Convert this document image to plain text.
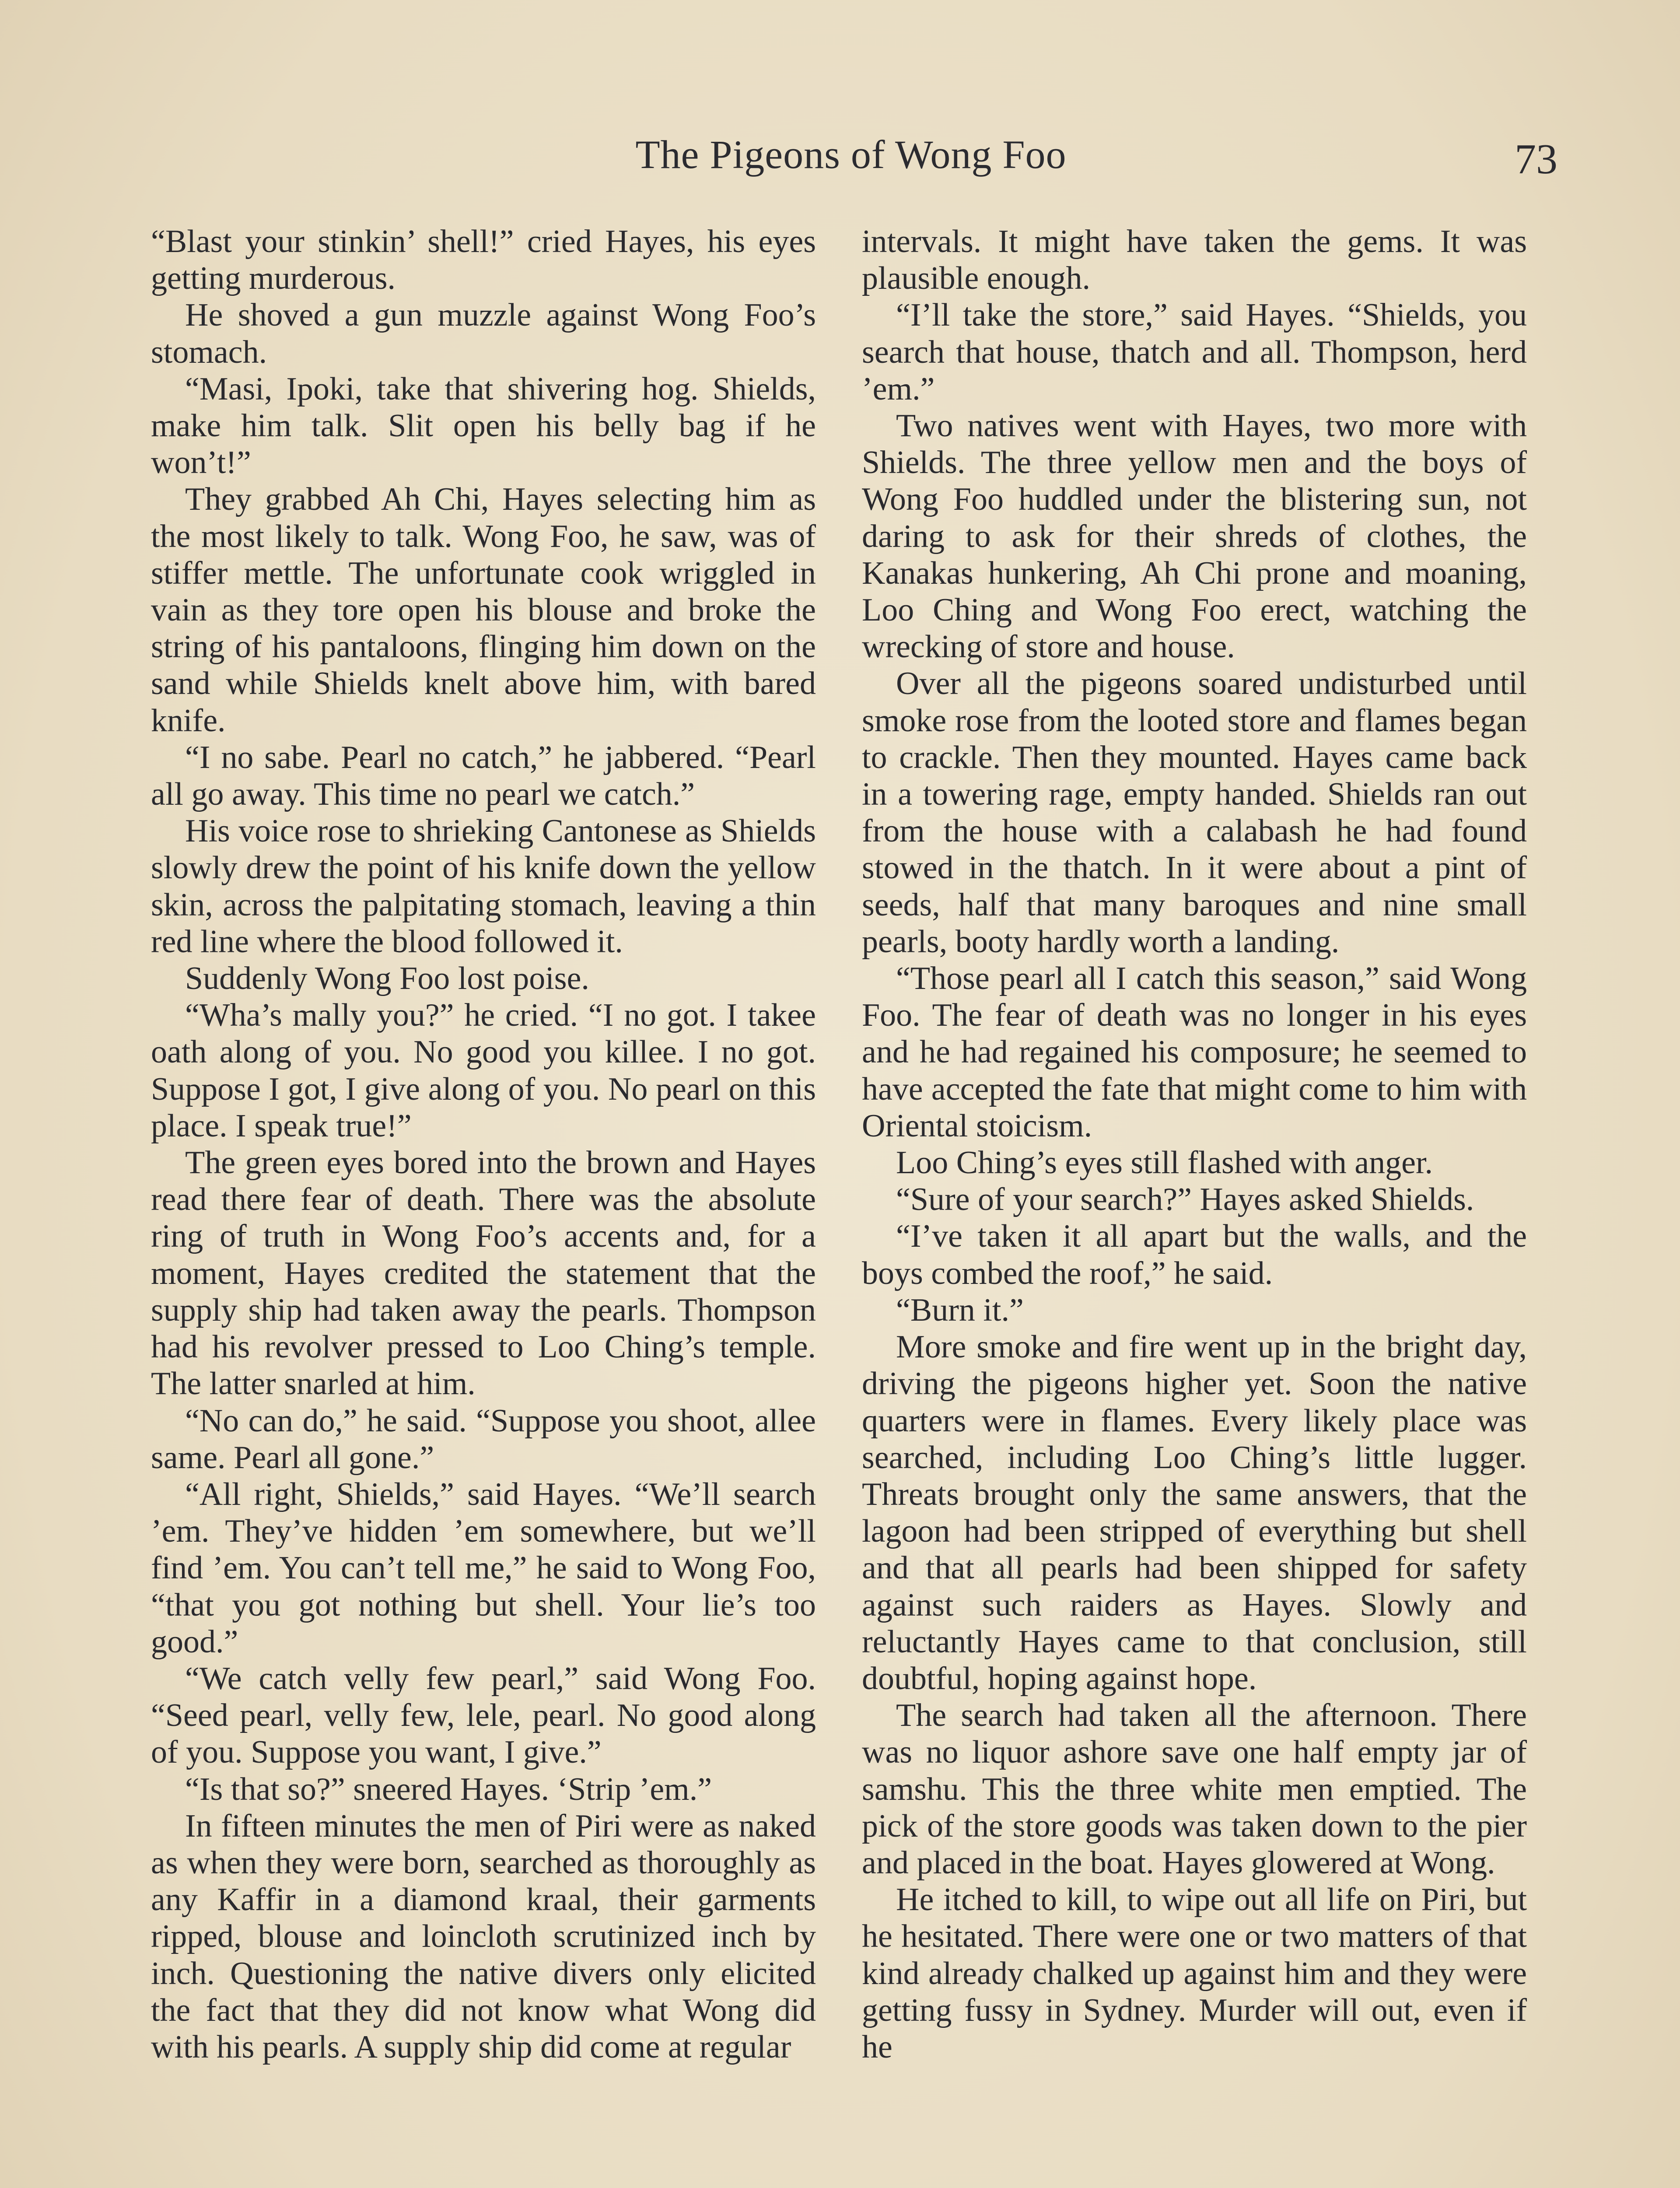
The Pigeons of Wong Foo	73

“Blast your stinkin’ shell!” cried Hayes, his eyes getting murderous.

He shoved a gun muzzle against Wong Foo’s stomach.

“Masi, Ipoki, take that shivering hog. Shields, make him talk. Slit open his belly bag if he won’t!”

They grabbed Ah Chi, Hayes selecting him as the most likely to talk. Wong Foo, he saw, was of stiffer mettle. The unfortunate cook wriggled in vain as they tore open his blouse and broke the string of his pantaloons, flinging him down on the sand while Shields knelt above him, with bared knife.

“I no sabe. Pearl no catch,” he jabbered. “Pearl all go away. This time no pearl we catch.”

His voice rose to shrieking Cantonese as Shields slowly drew the point of his knife down the yellow skin, across the palpitating stomach, leaving a thin red line where the blood followed it.

Suddenly Wong Foo lost poise.

“Wha’s mally you?” he cried. “I no got. I takee oath along of you. No good you killee. I no got. Suppose I got, I give along of you. No pearl on this place. I speak true!”

The green eyes bored into the brown and Hayes read there fear of death. There was the absolute ring of truth in Wong Foo’s accents and, for a moment, Hayes credited the statement that the supply ship had taken away the pearls. Thompson had his revolver pressed to Loo Ching’s temple. The latter snarled at him.

“No can do,” he said. “Suppose you shoot, allee same. Pearl all gone.”

“All right, Shields,” said Hayes. “We’ll search ’em. They’ve hidden ’em somewhere, but we’ll find ’em. You can’t tell me,” he said to Wong Foo, “that you got nothing but shell. Your lie’s too good.”

“We catch velly few pearl,” said Wong Foo. “Seed pearl, velly few, lele, pearl. No good along of you. Suppose you want, I give.”

“Is that so?” sneered Hayes. ‘Strip ’em.”

In fifteen minutes the men of Piri were as naked as when they were born, searched as thoroughly as any Kaffir in a diamond kraal, their garments ripped, blouse and loincloth scrutinized inch by inch. Questioning the native divers only elicited the fact that they did not know what Wong did with his pearls. A supply ship did come at regular

intervals. It might have taken the gems. It was plausible enough.

“I’ll take the store,” said Hayes. “Shields, you search that house, thatch and all. Thompson, herd ’em.”

Two natives went with Hayes, two more with Shields. The three yellow men and the boys of Wong Foo huddled under the blistering sun, not daring to ask for their shreds of clothes, the Kanakas hunkering, Ah Chi prone and moaning, Loo Ching and Wong Foo erect, watching the wrecking of store and house.

Over all the pigeons soared undisturbed until smoke rose from the looted store and flames began to crackle. Then they mounted. Hayes came back in a towering rage, empty handed. Shields ran out from the house with a calabash he had found stowed in the thatch. In it were about a pint of seeds, half that many baroques and nine small pearls, booty hardly worth a landing.

“Those pearl all I catch this season,” said Wong Foo. The fear of death was no longer in his eyes and he had regained his composure; he seemed to have accepted the fate that might come to him with Oriental stoicism.

Loo Ching’s eyes still flashed with anger.

“Sure of your search?” Hayes asked Shields.

“I’ve taken it all apart but the walls, and the boys combed the roof,” he said.

“Burn it.”

More smoke and fire went up in the bright day, driving the pigeons higher yet. Soon the native quarters were in flames. Every likely place was searched, including Loo Ching’s little lugger. Threats brought only the same answers, that the lagoon had been stripped of everything but shell and that all pearls had been shipped for safety against such raiders as Hayes. Slowly and reluctantly Hayes came to that conclusion, still doubtful, hoping against hope.

The search had taken all the afternoon. There was no liquor ashore save one half empty jar of samshu. This the three white men emptied. The pick of the store goods was taken down to the pier and placed in the boat. Hayes glowered at Wong.

He itched to kill, to wipe out all life on Piri, but he hesitated. There were one or two matters of that kind already chalked up against him and they were getting fussy in Sydney. Murder will out, even if he
